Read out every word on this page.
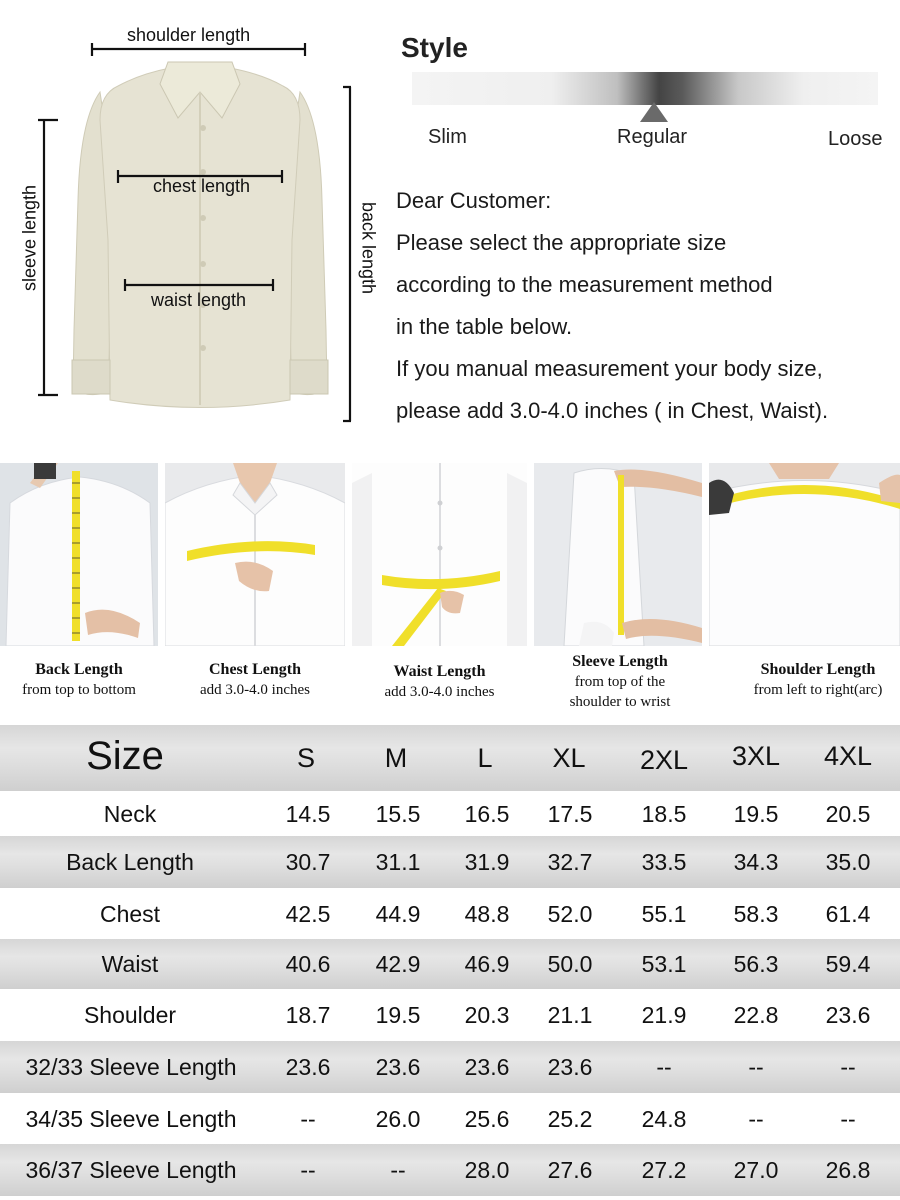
shoulder length
chest length
waist length
sleeve length	back length
Style
Slim	Regular	Loose
Dear Customer:
Please select the appropriate size
according to the measurement method
in the table below.
If you manual measurement your body size,
please add 3.0-4.0 inches ( in Chest, Waist).
Back Length
from top to bottom
Chest Length
add 3.0-4.0 inches
Waist Length
add 3.0-4.0 inches
Sleeve Length
from top of the
shoulder to wrist
Shoulder Length
from left to right(arc)
Size	S	M	L	XL	2XL	3XL	4XL
Neck	14.5	15.5	16.5	17.5	18.5	19.5	20.5
Back Length	30.7	31.1	31.9	32.7	33.5	34.3	35.0
Chest	42.5	44.9	48.8	52.0	55.1	58.3	61.4
Waist	40.6	42.9	46.9	50.0	53.1	56.3	59.4
Shoulder	18.7	19.5	20.3	21.1	21.9	22.8	23.6
32/33 Sleeve Length	23.6	23.6	23.6	23.6	--	--	--
34/35 Sleeve Length	--	26.0	25.6	25.2	24.8	--	--
36/37 Sleeve Length	--	--	28.0	27.6	27.2	27.0	26.8
